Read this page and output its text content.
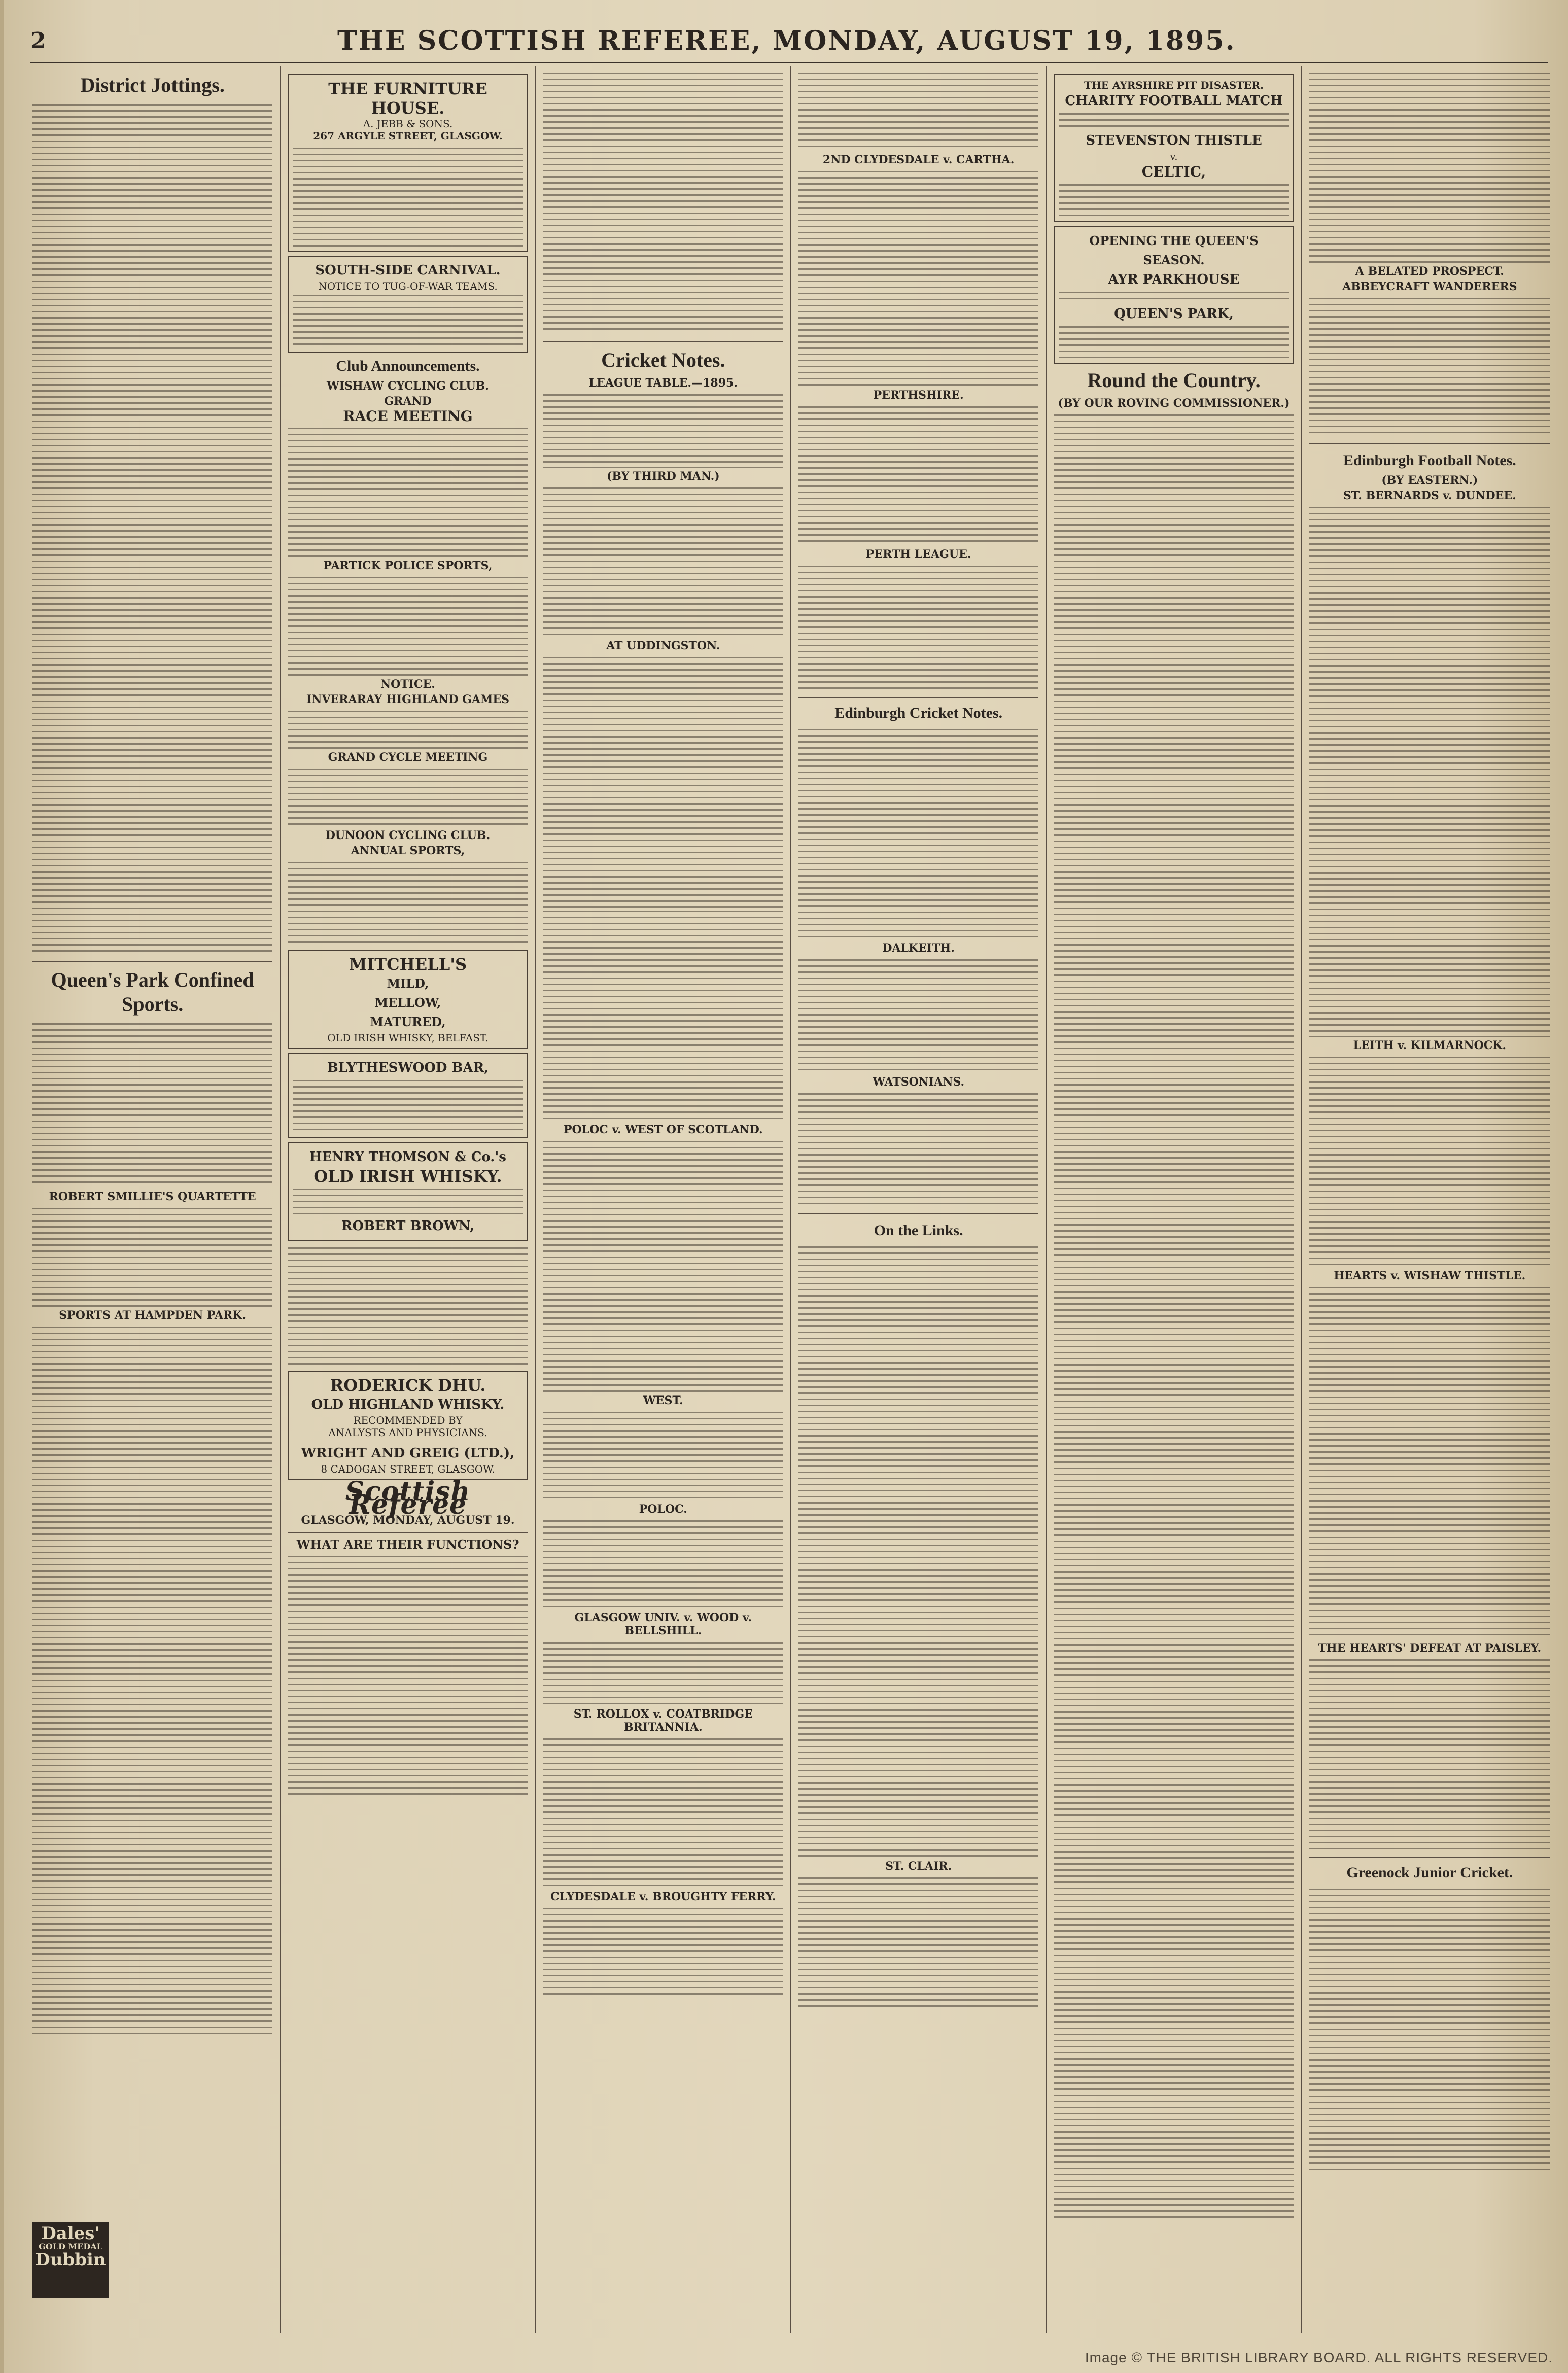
2	THE SCOTTISH REFEREE, MONDAY, AUGUST 19, 1895.
District Jottings.
Queen's Park Confined Sports.
ROBERT SMILLIE'S QUARTETTE
SPORTS AT HAMPDEN PARK.
Dales'
GOLD MEDAL
Dubbin
THE FURNITURE HOUSE.
A. JEBB & SONS.
267 ARGYLE STREET, GLASGOW.
SOUTH-SIDE CARNIVAL.
NOTICE TO TUG-OF-WAR TEAMS.
Club Announcements.
WISHAW CYCLING CLUB.
GRAND
RACE MEETING
PARTICK POLICE SPORTS,
NOTICE.
INVERARAY HIGHLAND GAMES
GRAND CYCLE MEETING
DUNOON CYCLING CLUB.
ANNUAL SPORTS,
MITCHELL'S
MILD,
MELLOW,
MATURED,
OLD IRISH WHISKY, BELFAST.
BLYTHESWOOD BAR,
HENRY THOMSON & Co.'s
OLD IRISH WHISKY.
ROBERT BROWN,
RODERICK DHU.
OLD HIGHLAND WHISKY.
RECOMMENDED BY
ANALYSTS AND PHYSICIANS.
WRIGHT AND GREIG (LTD.),
8 CADOGAN STREET, GLASGOW.
Scottish Referee
GLASGOW, MONDAY, AUGUST 19.
WHAT ARE THEIR FUNCTIONS?
Cricket Notes.
LEAGUE TABLE.—1895.
(BY THIRD MAN.)
AT UDDINGSTON.
POLOC v. WEST OF SCOTLAND.
WEST.
POLOC.
GLASGOW UNIV. v. WOOD v. BELLSHILL.
ST. ROLLOX v. COATBRIDGE BRITANNIA.
CLYDESDALE v. BROUGHTY FERRY.
2ND CLYDESDALE v. CARTHA.
PERTHSHIRE.
PERTH LEAGUE.
Edinburgh Cricket Notes.
DALKEITH.
WATSONIANS.
On the Links.
ST. CLAIR.
THE AYRSHIRE PIT DISASTER.
CHARITY FOOTBALL MATCH
STEVENSTON THISTLE
v.
CELTIC,
OPENING THE QUEEN'S SEASON.
AYR PARKHOUSE
QUEEN'S PARK,
Round the Country.
(BY OUR ROVING COMMISSIONER.)
A BELATED PROSPECT.
ABBEYCRAFT WANDERERS
Edinburgh Football Notes.
(BY EASTERN.)
ST. BERNARDS v. DUNDEE.
LEITH v. KILMARNOCK.
HEARTS v. WISHAW THISTLE.
THE HEARTS' DEFEAT AT PAISLEY.
Greenock Junior Cricket.
Image © THE BRITISH LIBRARY BOARD. ALL RIGHTS RESERVED.
